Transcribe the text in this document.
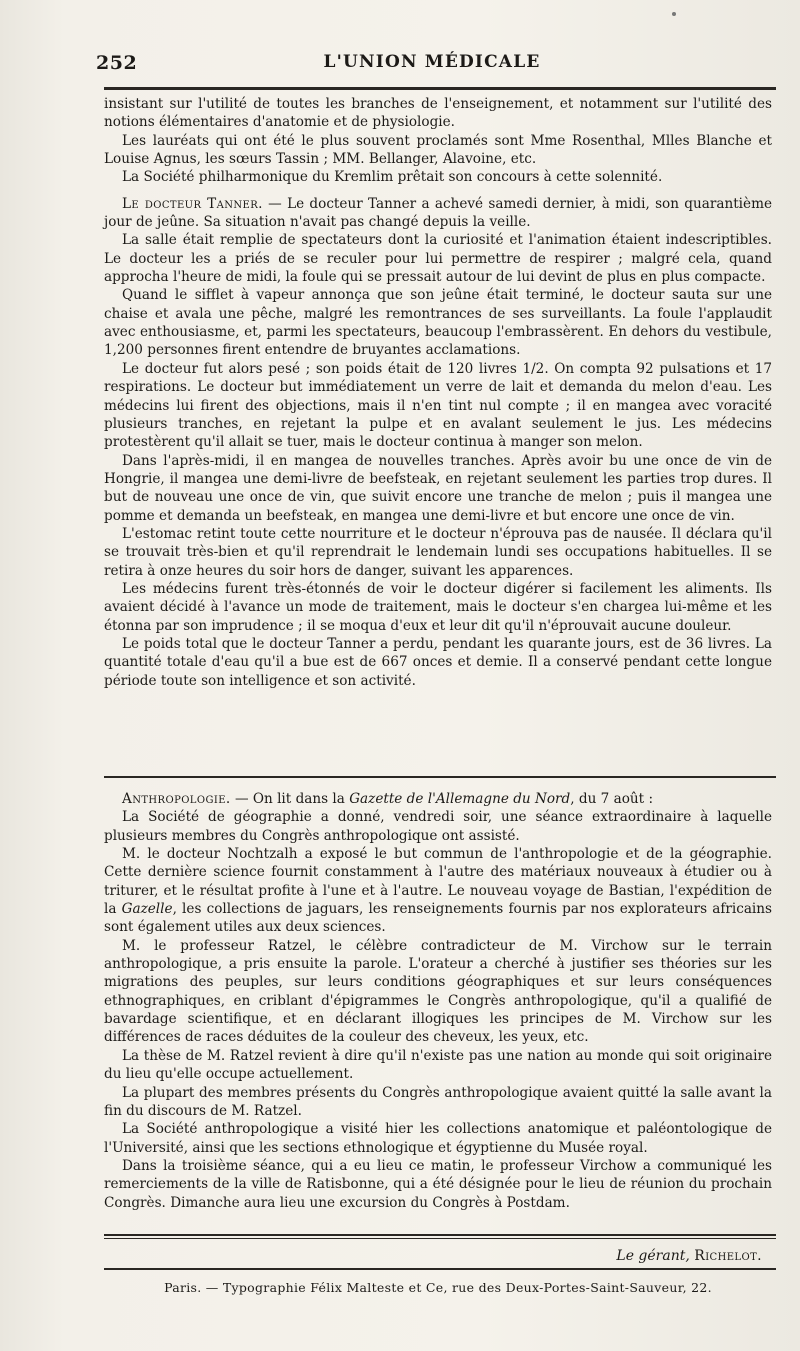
252	L'UNION MÉDICALE

insistant sur l'utilité de toutes les branches de l'enseignement, et notamment sur l'utilité des notions élémentaires d'anatomie et de physiologie.

Les lauréats qui ont été le plus souvent proclamés sont Mme Rosenthal, Mlles Blanche et Louise Agnus, les sœurs Tassin ; MM. Bellanger, Alavoine, etc.

La Société philharmonique du Kremlim prêtait son concours à cette solennité.

Le docteur Tanner. — Le docteur Tanner a achevé samedi dernier, à midi, son quarantième jour de jeûne. Sa situation n'avait pas changé depuis la veille.

La salle était remplie de spectateurs dont la curiosité et l'animation étaient indescriptibles. Le docteur les a priés de se reculer pour lui permettre de respirer ; malgré cela, quand approcha l'heure de midi, la foule qui se pressait autour de lui devint de plus en plus compacte.

Quand le sifflet à vapeur annonça que son jeûne était terminé, le docteur sauta sur une chaise et avala une pêche, malgré les remontrances de ses surveillants. La foule l'applaudit avec enthousiasme, et, parmi les spectateurs, beaucoup l'embrassèrent. En dehors du vestibule, 1,200 personnes firent entendre de bruyantes acclamations.

Le docteur fut alors pesé ; son poids était de 120 livres 1/2. On compta 92 pulsations et 17 respirations. Le docteur but immédiatement un verre de lait et demanda du melon d'eau. Les médecins lui firent des objections, mais il n'en tint nul compte ; il en mangea avec voracité plusieurs tranches, en rejetant la pulpe et en avalant seulement le jus. Les médecins protestèrent qu'il allait se tuer, mais le docteur continua à manger son melon.

Dans l'après-midi, il en mangea de nouvelles tranches. Après avoir bu une once de vin de Hongrie, il mangea une demi-livre de beefsteak, en rejetant seulement les parties trop dures. Il but de nouveau une once de vin, que suivit encore une tranche de melon ; puis il mangea une pomme et demanda un beefsteak, en mangea une demi-livre et but encore une once de vin.

L'estomac retint toute cette nourriture et le docteur n'éprouva pas de nausée. Il déclara qu'il se trouvait très-bien et qu'il reprendrait le lendemain lundi ses occupations habituelles. Il se retira à onze heures du soir hors de danger, suivant les apparences.

Les médecins furent très-étonnés de voir le docteur digérer si facilement les aliments. Ils avaient décidé à l'avance un mode de traitement, mais le docteur s'en chargea lui-même et les étonna par son imprudence ; il se moqua d'eux et leur dit qu'il n'éprouvait aucune douleur.

Le poids total que le docteur Tanner a perdu, pendant les quarante jours, est de 36 livres. La quantité totale d'eau qu'il a bue est de 667 onces et demie. Il a conservé pendant cette longue période toute son intelligence et son activité.

Anthropologie. — On lit dans la Gazette de l'Allemagne du Nord, du 7 août :

La Société de géographie a donné, vendredi soir, une séance extraordinaire à laquelle plusieurs membres du Congrès anthropologique ont assisté.

M. le docteur Nochtzalh a exposé le but commun de l'anthropologie et de la géographie. Cette dernière science fournit constamment à l'autre des matériaux nouveaux à étudier ou à triturer, et le résultat profite à l'une et à l'autre. Le nouveau voyage de Bastian, l'expédition de la Gazelle, les collections de jaguars, les renseignements fournis par nos explorateurs africains sont également utiles aux deux sciences.

M. le professeur Ratzel, le célèbre contradicteur de M. Virchow sur le terrain anthropologique, a pris ensuite la parole. L'orateur a cherché à justifier ses théories sur les migrations des peuples, sur leurs conditions géographiques et sur leurs conséquences ethnographiques, en criblant d'épigrammes le Congrès anthropologique, qu'il a qualifié de bavardage scientifique, et en déclarant illogiques les principes de M. Virchow sur les différences de races déduites de la couleur des cheveux, les yeux, etc.

La thèse de M. Ratzel revient à dire qu'il n'existe pas une nation au monde qui soit originaire du lieu qu'elle occupe actuellement.

La plupart des membres présents du Congrès anthropologique avaient quitté la salle avant la fin du discours de M. Ratzel.

La Société anthropologique a visité hier les collections anatomique et paléontologique de l'Université, ainsi que les sections ethnologique et égyptienne du Musée royal.

Dans la troisième séance, qui a eu lieu ce matin, le professeur Virchow a communiqué les remerciements de la ville de Ratisbonne, qui a été désignée pour le lieu de réunion du prochain Congrès. Dimanche aura lieu une excursion du Congrès à Postdam.

Le gérant, Richelot.
Paris. — Typographie Félix Malteste et Ce, rue des Deux-Portes-Saint-Sauveur, 22.
